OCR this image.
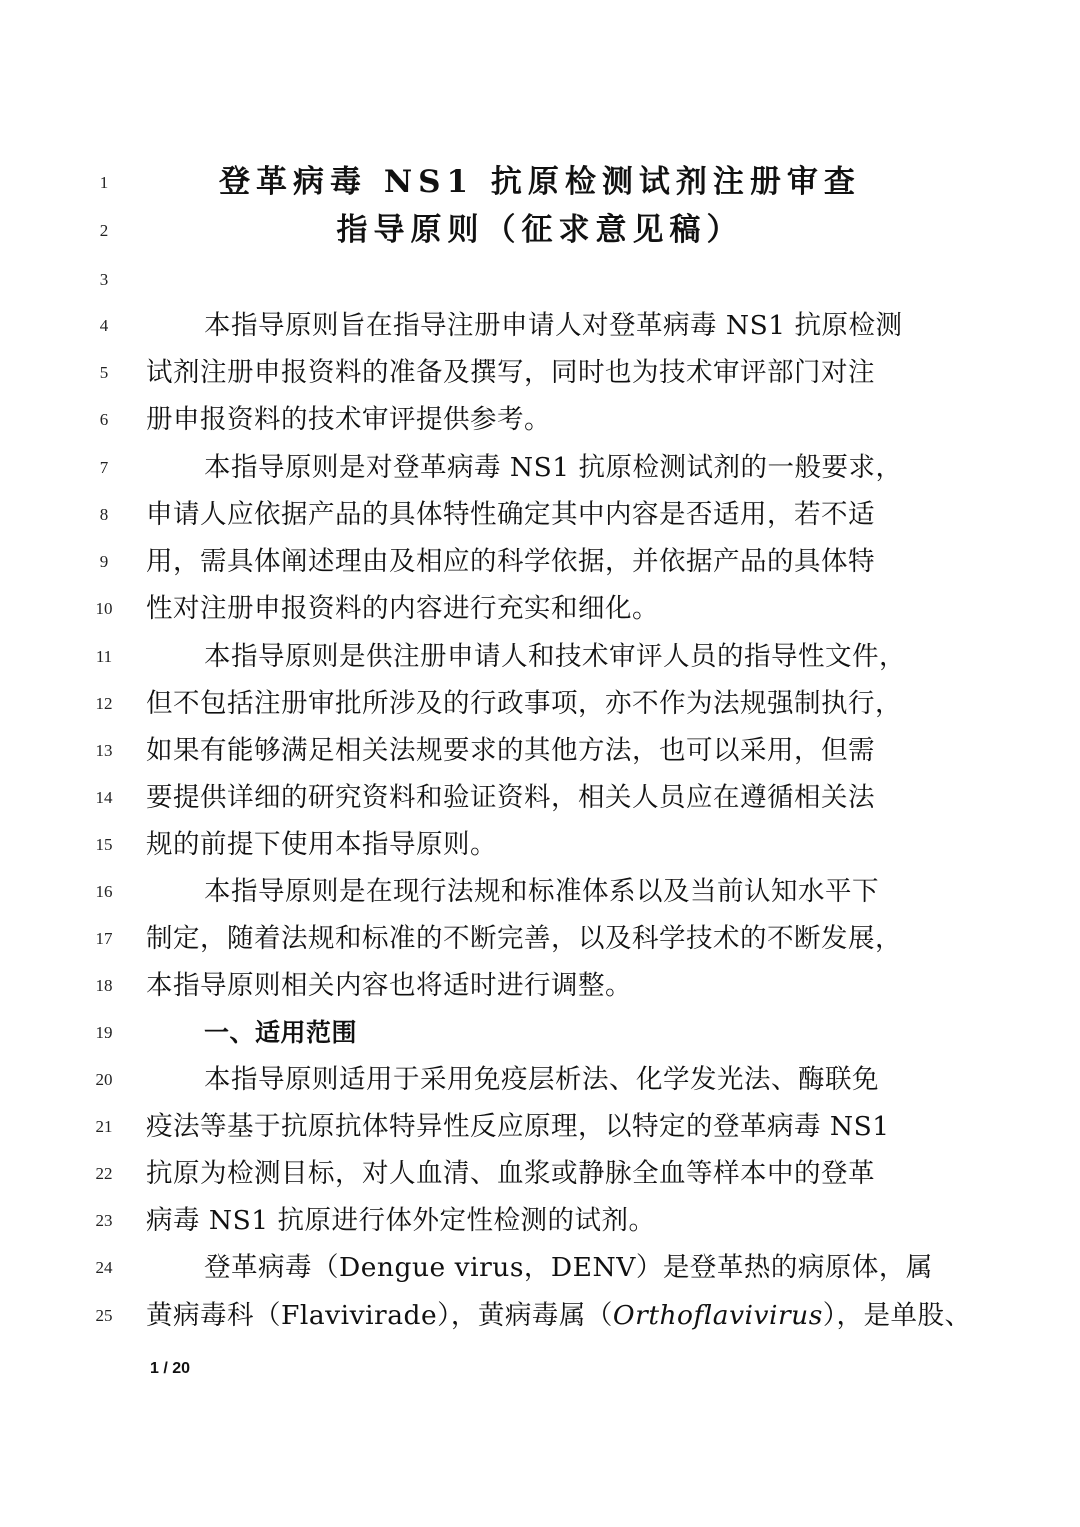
1	登革病毒 NS1 抗原检测试剂注册审查
2	指导原则（征求意见稿）
3
4	本指导原则旨在指导注册申请人对登革病毒 NS1 抗原检测
5	试剂注册申报资料的准备及撰写，同时也为技术审评部门对注
6	册申报资料的技术审评提供参考。
7	本指导原则是对登革病毒 NS1 抗原检测试剂的一般要求，
8	申请人应依据产品的具体特性确定其中内容是否适用，若不适
9	用，需具体阐述理由及相应的科学依据，并依据产品的具体特
10	性对注册申报资料的内容进行充实和细化。
11	本指导原则是供注册申请人和技术审评人员的指导性文件，
12	但不包括注册审批所涉及的行政事项，亦不作为法规强制执行，
13	如果有能够满足相关法规要求的其他方法，也可以采用，但需
14	要提供详细的研究资料和验证资料，相关人员应在遵循相关法
15	规的前提下使用本指导原则。
16	本指导原则是在现行法规和标准体系以及当前认知水平下
17	制定，随着法规和标准的不断完善，以及科学技术的不断发展，
18	本指导原则相关内容也将适时进行调整。
19	一、适用范围
20	本指导原则适用于采用免疫层析法、化学发光法、酶联免
21	疫法等基于抗原抗体特异性反应原理，以特定的登革病毒 NS1
22	抗原为检测目标，对人血清、血浆或静脉全血等样本中的登革
23	病毒 NS1 抗原进行体外定性检测的试剂。
24	登革病毒（Dengue virus，DENV）是登革热的病原体，属
25	黄病毒科（Flavivirade），黄病毒属（Orthoflavivirus），是单股、
1 / 20
